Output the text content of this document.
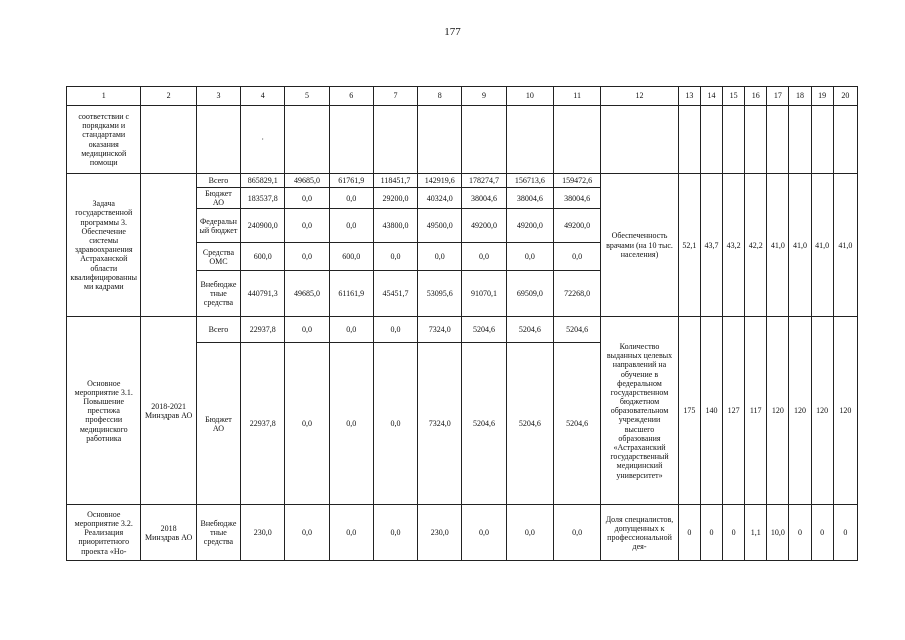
177
1	2	3	4	5	6	7	8	9	10	11	12	13	14	15	16	17	18	19	20
соответствии с порядками и стандартами оказания медицинской помощи			·																
Задача государственной программы 3. Обеспечение системы здравоохранения Астраханской области квалифицированными кадрами		Всего	865829,1	49685,0	61761,9	118451,7	142919,6	178274,7	156713,6	159472,6	Обеспеченность врачами (на 10 тыс. населения)	52,1	43,7	43,2	42,2	41,0	41,0	41,0	41,0
		Бюджет АО	183537,8	0,0	0,0	29200,0	40324,0	38004,6	38004,6	38004,6									
		Федеральный бюджет	240900,0	0,0	0,0	43800,0	49500,0	49200,0	49200,0	49200,0									
		Средства ОМС	600,0	0,0	600,0	0,0	0,0	0,0	0,0	0,0									
		Внебюджетные средства	440791,3	49685,0	61161,9	45451,7	53095,6	91070,1	69509,0	72268,0									
Основное мероприятие 3.1. Повышение престижа профессии медицинского работника	2018-2021 Минздрав АО	Всего	22937,8	0,0	0,0	0,0	7324,0	5204,6	5204,6	5204,6	Количество выданных целевых направлений на обучение в федеральном государственном бюджетном образовательном учреждении высшего образования «Астраханский государственный медицинский университет»	175	140	127	117	120	120	120	120
		Бюджет АО	22937,8	0,0	0,0	0,0	7324,0	5204,6	5204,6	5204,6									
Основное мероприятие 3.2. Реализация приоритетного проекта «Но-	2018 Минздрав АО	Внебюджетные средства	230,0	0,0	0,0	0,0	230,0	0,0	0,0	0,0	Доля специалистов, допущенных к профессиональной дея-	0	0	0	1,1	10,0	0	0	0
